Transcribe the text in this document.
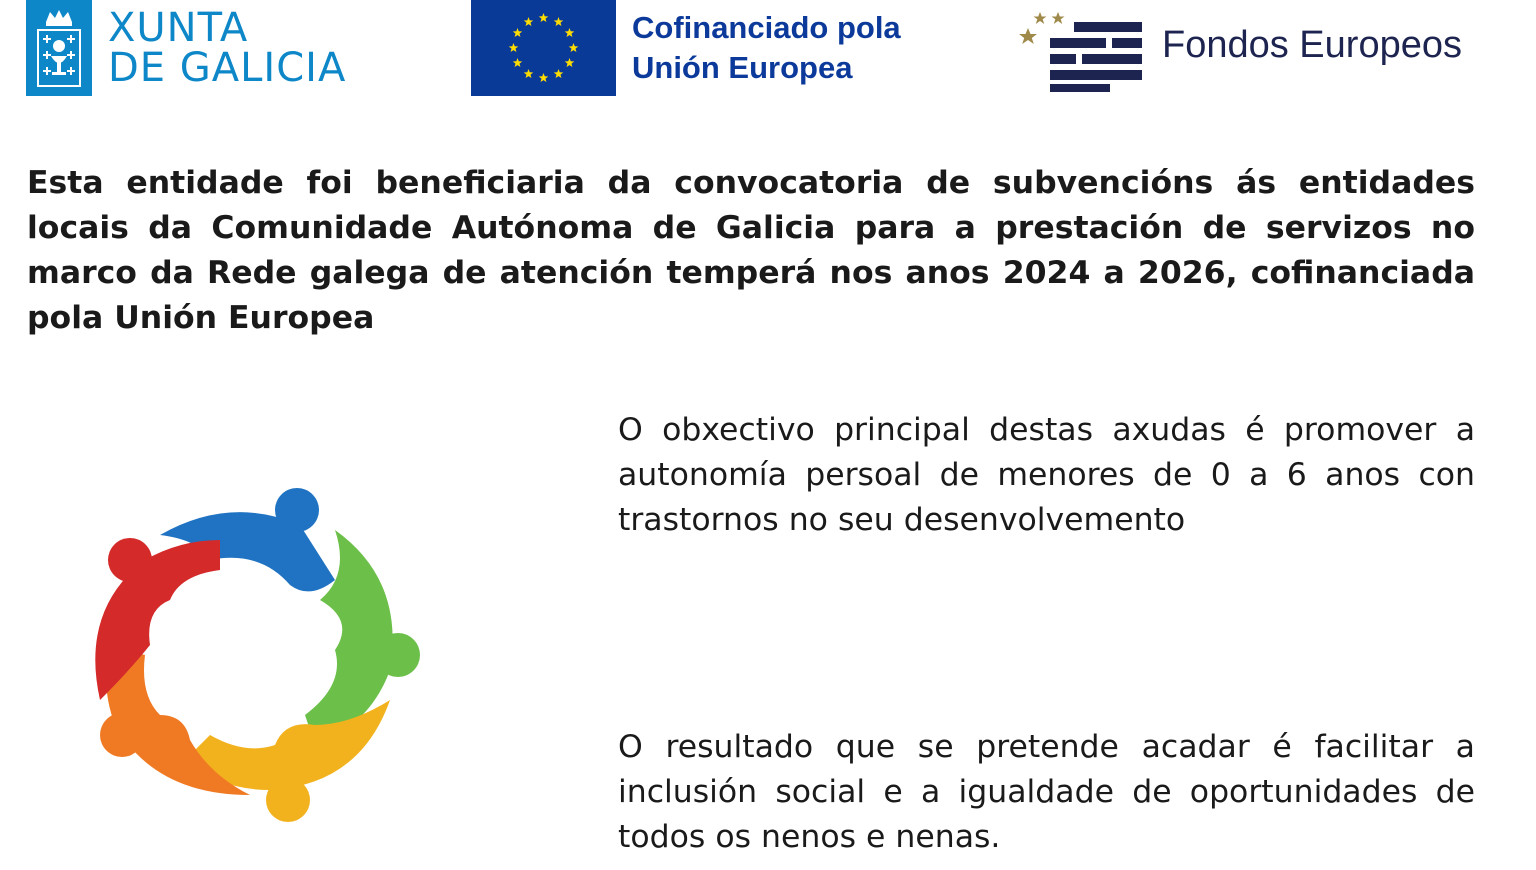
XUNTA
DE GALICIA
Cofinanciado pola
Unión Europea
Fondos Europeos

Esta entidade foi beneficiaria da convocatoria de subvencións ás entidades locais da Comunidade Autónoma de Galicia para a prestación de servizos no marco da Rede galega de atención temperá nos anos 2024 a 2026, cofinanciada pola Unión Europea

O obxectivo principal destas axudas é promover a autonomía persoal de menores de 0 a 6 anos con trastornos no seu desenvolvemento

O resultado que se pretende acadar é facilitar a inclusión social e a igualdade de oportunidades de todos os nenos e nenas.
